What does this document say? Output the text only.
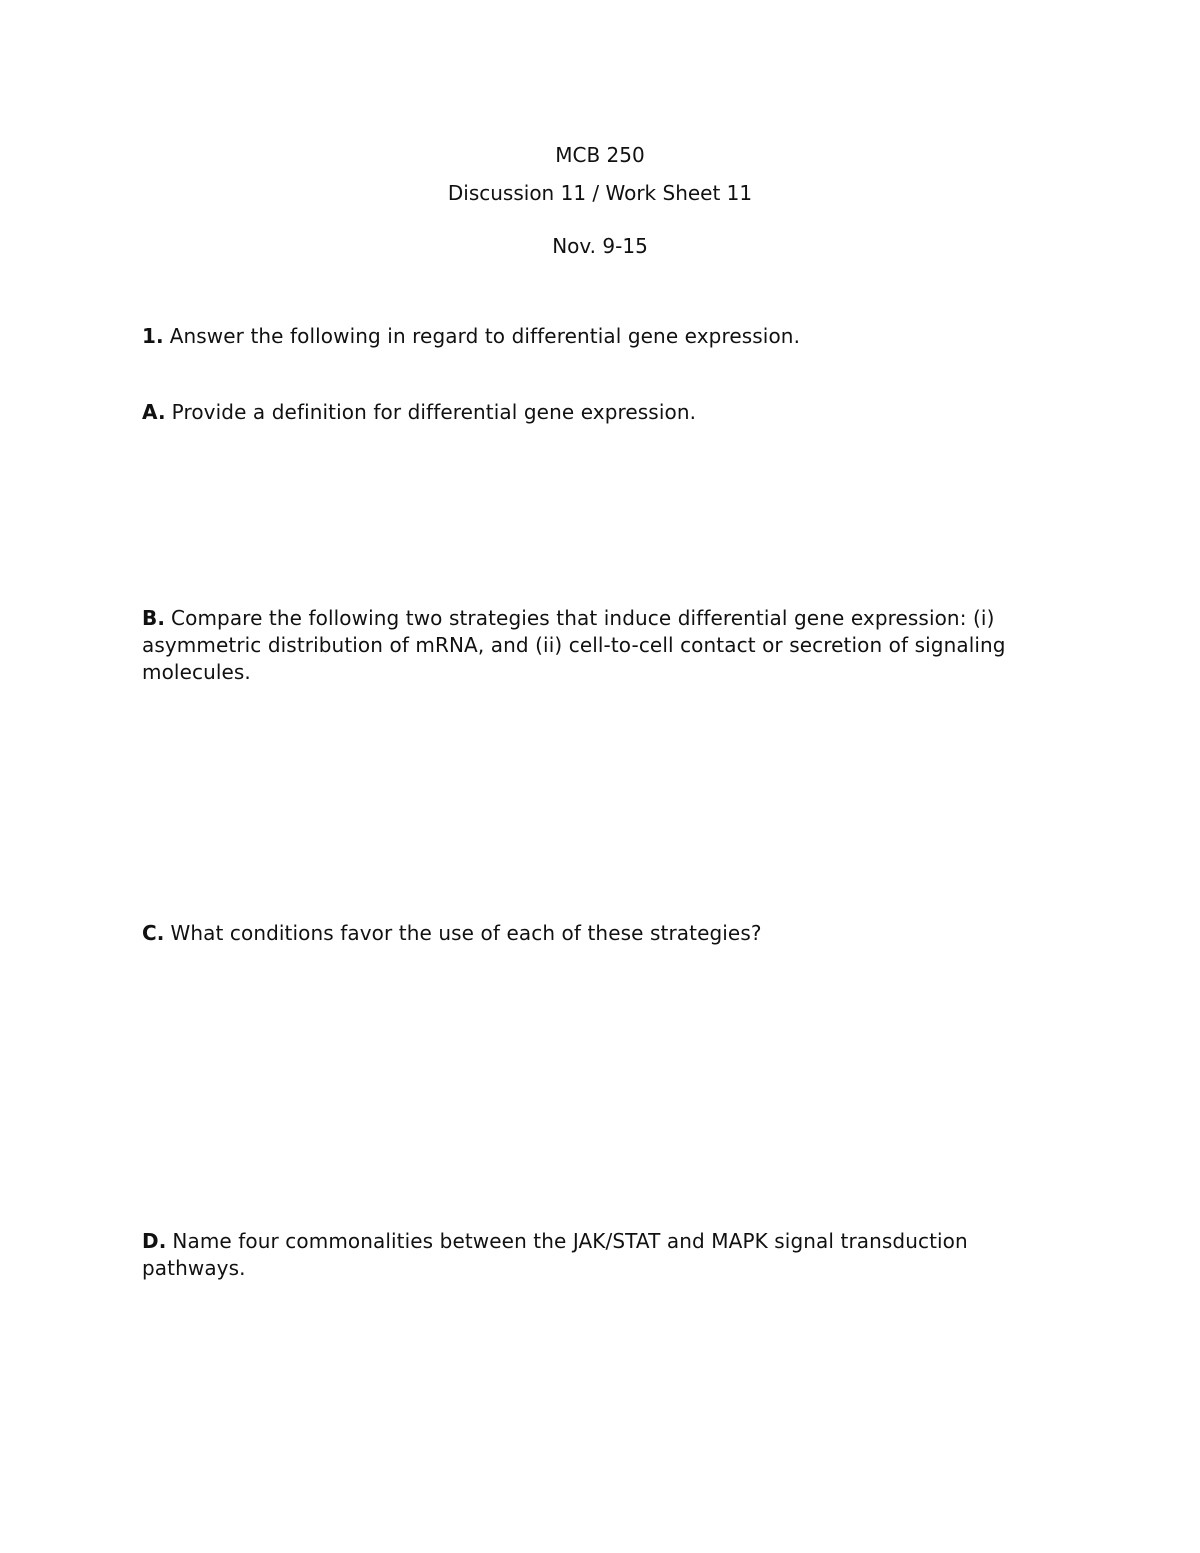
MCB 250
Discussion 11 / Work Sheet 11
Nov. 9-15
1. Answer the following in regard to differential gene expression.
A. Provide a definition for differential gene expression.
B. Compare the following two strategies that induce differential gene expression: (i) asymmetric distribution of mRNA, and (ii) cell-to-cell contact or secretion of signaling molecules.
C. What conditions favor the use of each of these strategies?
D. Name four commonalities between the JAK/STAT and MAPK signal transduction pathways.
